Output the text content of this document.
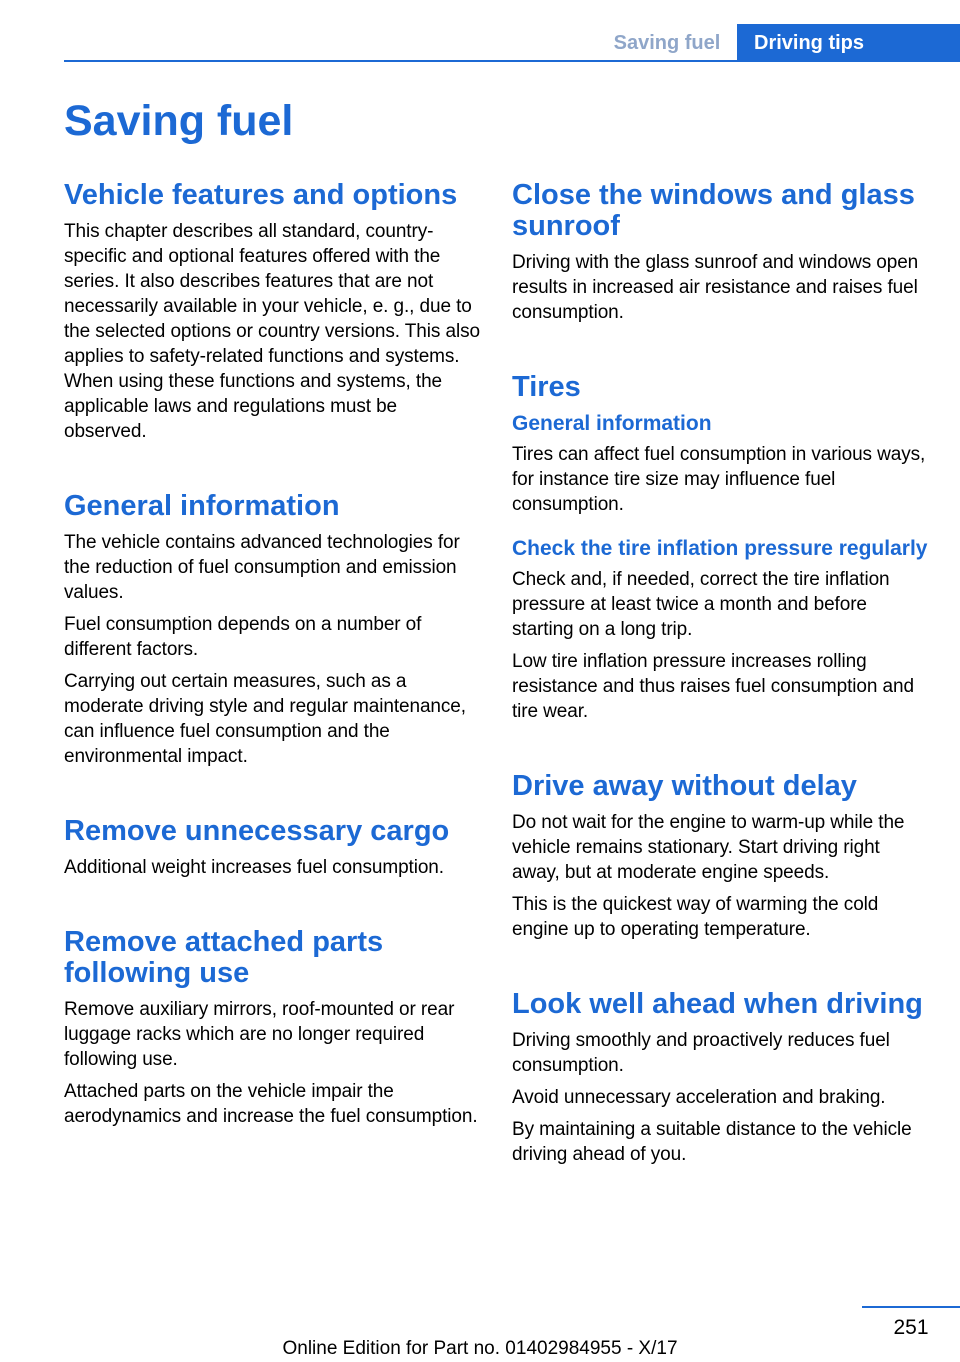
Saving fuel	Driving tips
Saving fuel
Vehicle features and options

This chapter describes all standard, country-specific and optional features offered with the series. It also describes features that are not necessarily available in your vehicle, e. g., due to the selected options or country versions. This also applies to safety-related functions and systems. When using these functions and systems, the applicable laws and regulations must be observed.

General information

The vehicle contains advanced technologies for the reduction of fuel consumption and emission values.

Fuel consumption depends on a number of different factors.

Carrying out certain measures, such as a moderate driving style and regular maintenance, can influence fuel consumption and the environmental impact.

Remove unnecessary cargo

Additional weight increases fuel consumption.

Remove attached parts following use

Remove auxiliary mirrors, roof-mounted or rear luggage racks which are no longer required following use.

Attached parts on the vehicle impair the aerodynamics and increase the fuel consumption.

Close the windows and glass sunroof

Driving with the glass sunroof and windows open results in increased air resistance and raises fuel consumption.

Tires
General information

Tires can affect fuel consumption in various ways, for instance tire size may influence fuel consumption.

Check the tire inflation pressure regularly

Check and, if needed, correct the tire inflation pressure at least twice a month and before starting on a long trip.

Low tire inflation pressure increases rolling resistance and thus raises fuel consumption and tire wear.

Drive away without delay

Do not wait for the engine to warm-up while the vehicle remains stationary. Start driving right away, but at moderate engine speeds.

This is the quickest way of warming the cold engine up to operating temperature.

Look well ahead when driving

Driving smoothly and proactively reduces fuel consumption.

Avoid unnecessary acceleration and braking.

By maintaining a suitable distance to the vehicle driving ahead of you.

251
Online Edition for Part no. 01402984955 - X/17
